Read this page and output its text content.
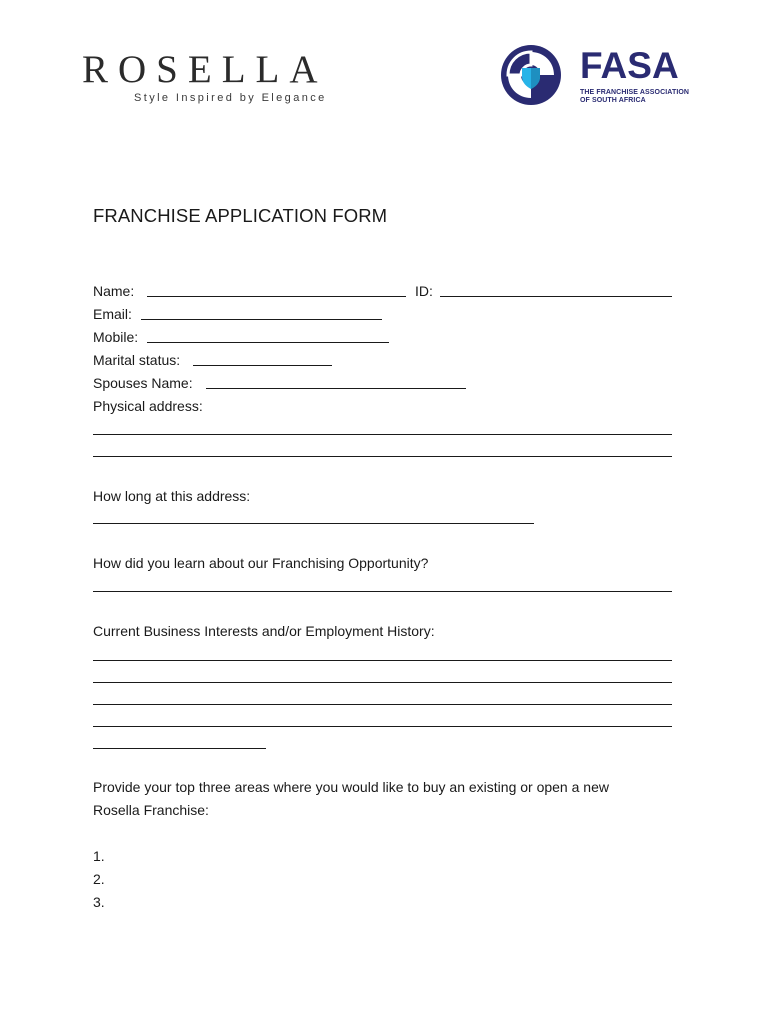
ROSELLA
Style Inspired by Elegance
FASA
THE FRANCHISE ASSOCIATION
OF SOUTH AFRICA
FRANCHISE APPLICATION FORM
Name:	ID:
Email:
Mobile:
Marital status:
Spouses Name:
Physical address:
How long at this address:
How did you learn about our Franchising Opportunity?
Current Business Interests and/or Employment History:
Provide your top three areas where you would like to buy an existing or open a new
Rosella Franchise:
1.
2.
3.
